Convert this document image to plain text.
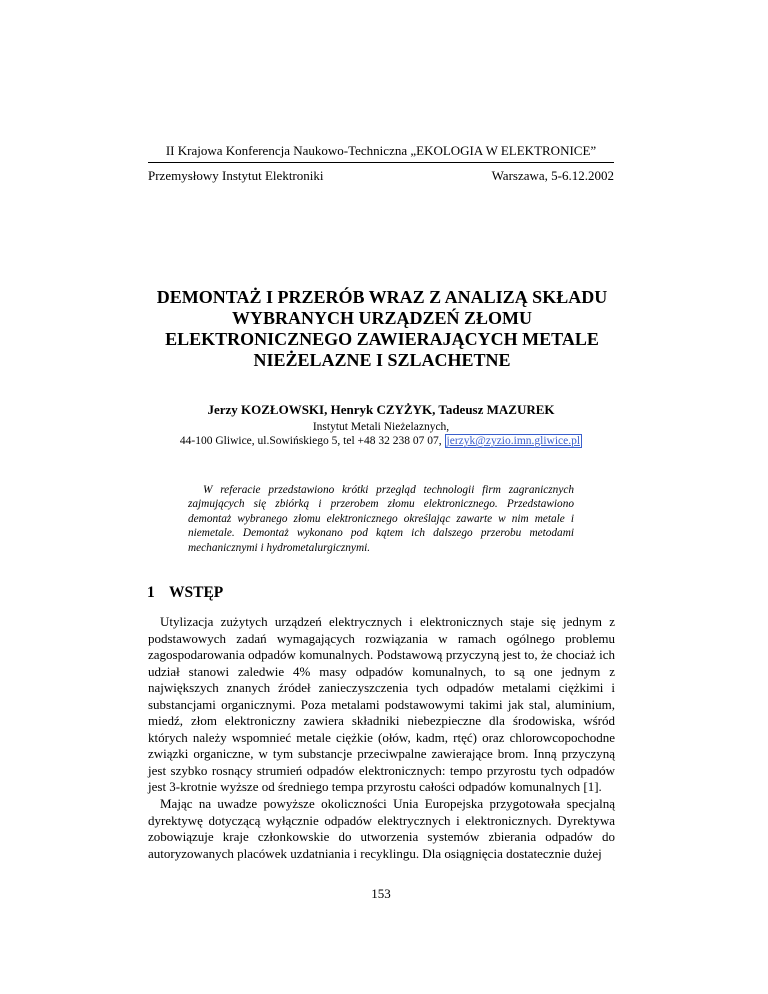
II Krajowa Konferencja Naukowo-Techniczna „EKOLOGIA W ELEKTRONICE”
Przemysłowy Instytut Elektroniki	Warszawa, 5-6.12.2002
DEMONTAŻ I PRZERÓB WRAZ Z ANALIZĄ SKŁADU
WYBRANYCH URZĄDZEŃ ZŁOMU
ELEKTRONICZNEGO ZAWIERAJĄCYCH METALE
NIEŻELAZNE I SZLACHETNE
Jerzy KOZŁOWSKI, Henryk CZYŻYK, Tadeusz MAZUREK
Instytut Metali Nieżelaznych,
44-100 Gliwice, ul.Sowińskiego 5, tel +48 32 238 07 07, jerzyk@zyzio.imn.gliwice.pl

W referacie przedstawiono krótki przegląd technologii firm zagranicznych zajmujących się zbiórką i przerobem złomu elektronicznego. Przedstawiono demontaż wybranego złomu elektronicznego określając zawarte w nim metale i niemetale. Demontaż wykonano pod kątem ich dalszego przerobu metodami mechanicznymi i hydrometalurgicznymi.

1 WSTĘP

Utylizacja zużytych urządzeń elektrycznych i elektronicznych staje się jednym z podstawowych zadań wymagających rozwiązania w ramach ogólnego problemu zagospodarowania odpadów komunalnych. Podstawową przyczyną jest to, że chociaż ich udział stanowi zaledwie 4% masy odpadów komunalnych, to są one jednym z największych znanych źródeł zanieczyszczenia tych odpadów metalami ciężkimi i substancjami organicznymi. Poza metalami podstawowymi takimi jak stal, aluminium, miedź, złom elektroniczny zawiera składniki niebezpieczne dla środowiska, wśród których należy wspomnieć metale ciężkie (ołów, kadm, rtęć) oraz chlorowcopochodne związki organiczne, w tym substancje przeciwpalne zawierające brom. Inną przyczyną jest szybko rosnący strumień odpadów elektronicznych: tempo przyrostu tych odpadów jest 3-krotnie wyższe od średniego tempa przyrostu całości odpadów komunalnych [1].

Mając na uwadze powyższe okoliczności Unia Europejska przygotowała specjalną dyrektywę dotyczącą wyłącznie odpadów elektrycznych i elektronicznych. Dyrektywa zobowiązuje kraje członkowskie do utworzenia systemów zbierania odpadów do autoryzowanych placówek uzdatniania i recyklingu. Dla osiągnięcia dostatecznie dużej

153
